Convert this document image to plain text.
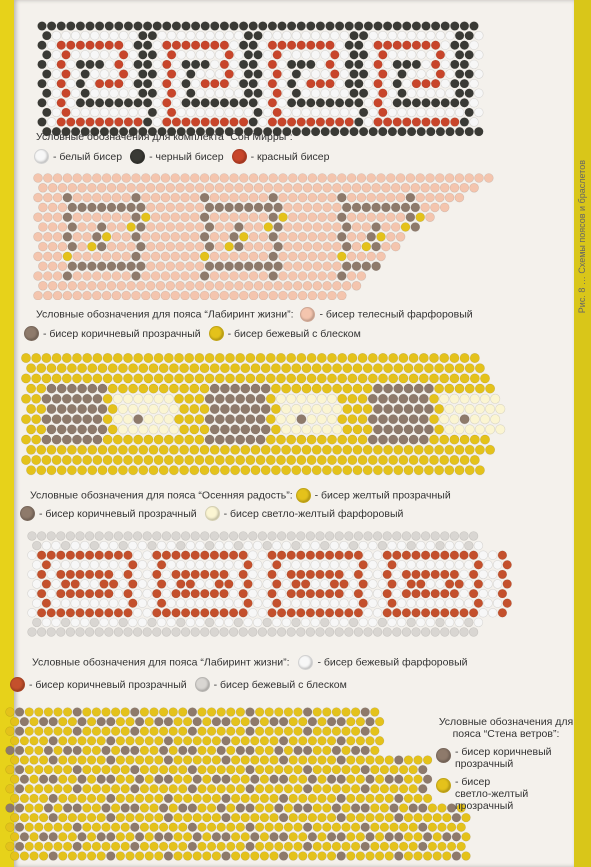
Рис. 8 … Схемы поясов и браслетов
Условные обозначения для комплекта “Сон Мирры”:
- белый бисер	- черный бисер	- красный бисер
Условные обозначения для пояса “Лабиринт жизни”: - бисер телесный фарфоровый
- бисер коричневый прозрачный	- бисер бежевый с блеском
Условные обозначения для пояса “Осенняя радость”: - бисер желтый прозрачный
- бисер коричневый прозрачный	- бисер светло-желтый фарфоровый
Условные обозначения для пояса “Лабиринт жизни”:	- бисер бежевый фарфоровый
- бисер коричневый прозрачный	- бисер бежевый с блеском
Условные обозначения для
пояса “Стена ветров”:
- бисер коричневый
прозрачный
- бисер
светло-желтый
прозрачный
